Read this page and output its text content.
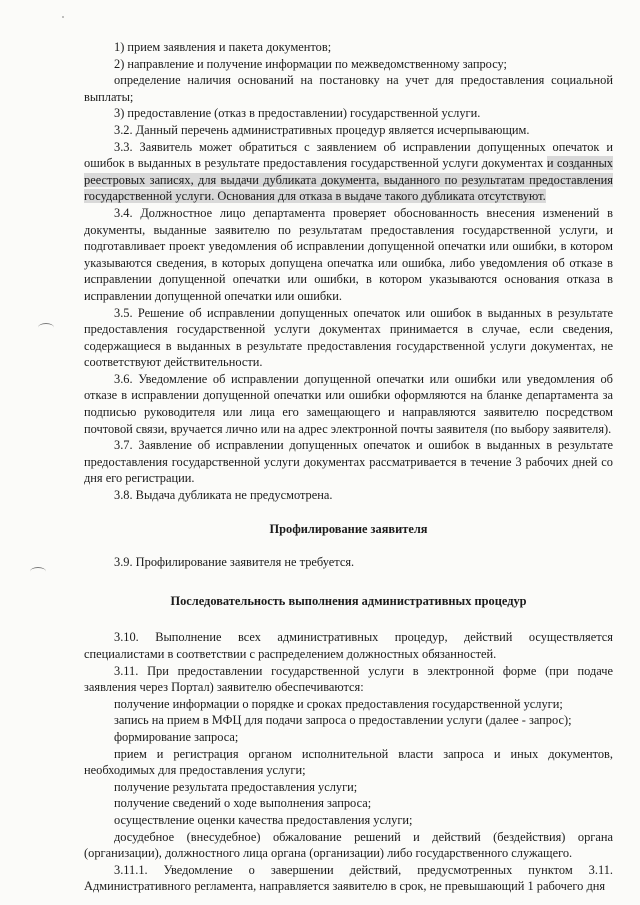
1) прием заявления и пакета документов;

2) направление и получение информации по межведомственному запросу;

определение наличия оснований на постановку на учет для предоставления социальной выплаты;

3) предоставление (отказ в предоставлении) государственной услуги.

3.2. Данный перечень административных процедур является исчерпывающим.

3.3. Заявитель может обратиться с заявлением об исправлении допущенных опечаток и ошибок в выданных в результате предоставления государственной услуги документах и созданных реестровых записях, для выдачи дубликата документа, выданного по результатам предоставления государственной услуги. Основания для отказа в выдаче такого дубликата отсутствуют.

3.4. Должностное лицо департамента проверяет обоснованность внесения изменений в документы, выданные заявителю по результатам предоставления государственной услуги, и подготавливает проект уведомления об исправлении допущенной опечатки или ошибки, в котором указываются сведения, в которых допущена опечатка или ошибка, либо уведомления об отказе в исправлении допущенной опечатки или ошибки, в котором указываются основания отказа в исправлении допущенной опечатки или ошибки.

3.5. Решение об исправлении допущенных опечаток или ошибок в выданных в результате предоставления государственной услуги документах принимается в случае, если сведения, содержащиеся в выданных в результате предоставления государственной услуги документах, не соответствуют действительности.

3.6. Уведомление об исправлении допущенной опечатки или ошибки или уведомления об отказе в исправлении допущенной опечатки или ошибки оформляются на бланке департамента за подписью руководителя или лица его замещающего и направляются заявителю посредством почтовой связи, вручается лично или на адрес электронной почты заявителя (по выбору заявителя).

3.7. Заявление об исправлении допущенных опечаток и ошибок в выданных в результате предоставления государственной услуги документах рассматривается в течение 3 рабочих дней со дня его регистрации.

3.8. Выдача дубликата не предусмотрена.

Профилирование заявителя

3.9. Профилирование заявителя не требуется.

Последовательность выполнения административных процедур

3.10. Выполнение всех административных процедур, действий осуществляется специалистами в соответствии с распределением должностных обязанностей.

3.11. При предоставлении государственной услуги в электронной форме (при подаче заявления через Портал) заявителю обеспечиваются:

получение информации о порядке и сроках предоставления государственной услуги;

запись на прием в МФЦ для подачи запроса о предоставлении услуги (далее - запрос);

формирование запроса;

прием и регистрация органом исполнительной власти запроса и иных документов, необходимых для предоставления услуги;

получение результата предоставления услуги;

получение сведений о ходе выполнения запроса;

осуществление оценки качества предоставления услуги;

досудебное (внесудебное) обжалование решений и действий (бездействия) органа (организации), должностного лица органа (организации) либо государственного служащего.

3.11.1. Уведомление о завершении действий, предусмотренных пунктом 3.11. Административного регламента, направляется заявителю в срок, не превышающий 1 рабочего дня
